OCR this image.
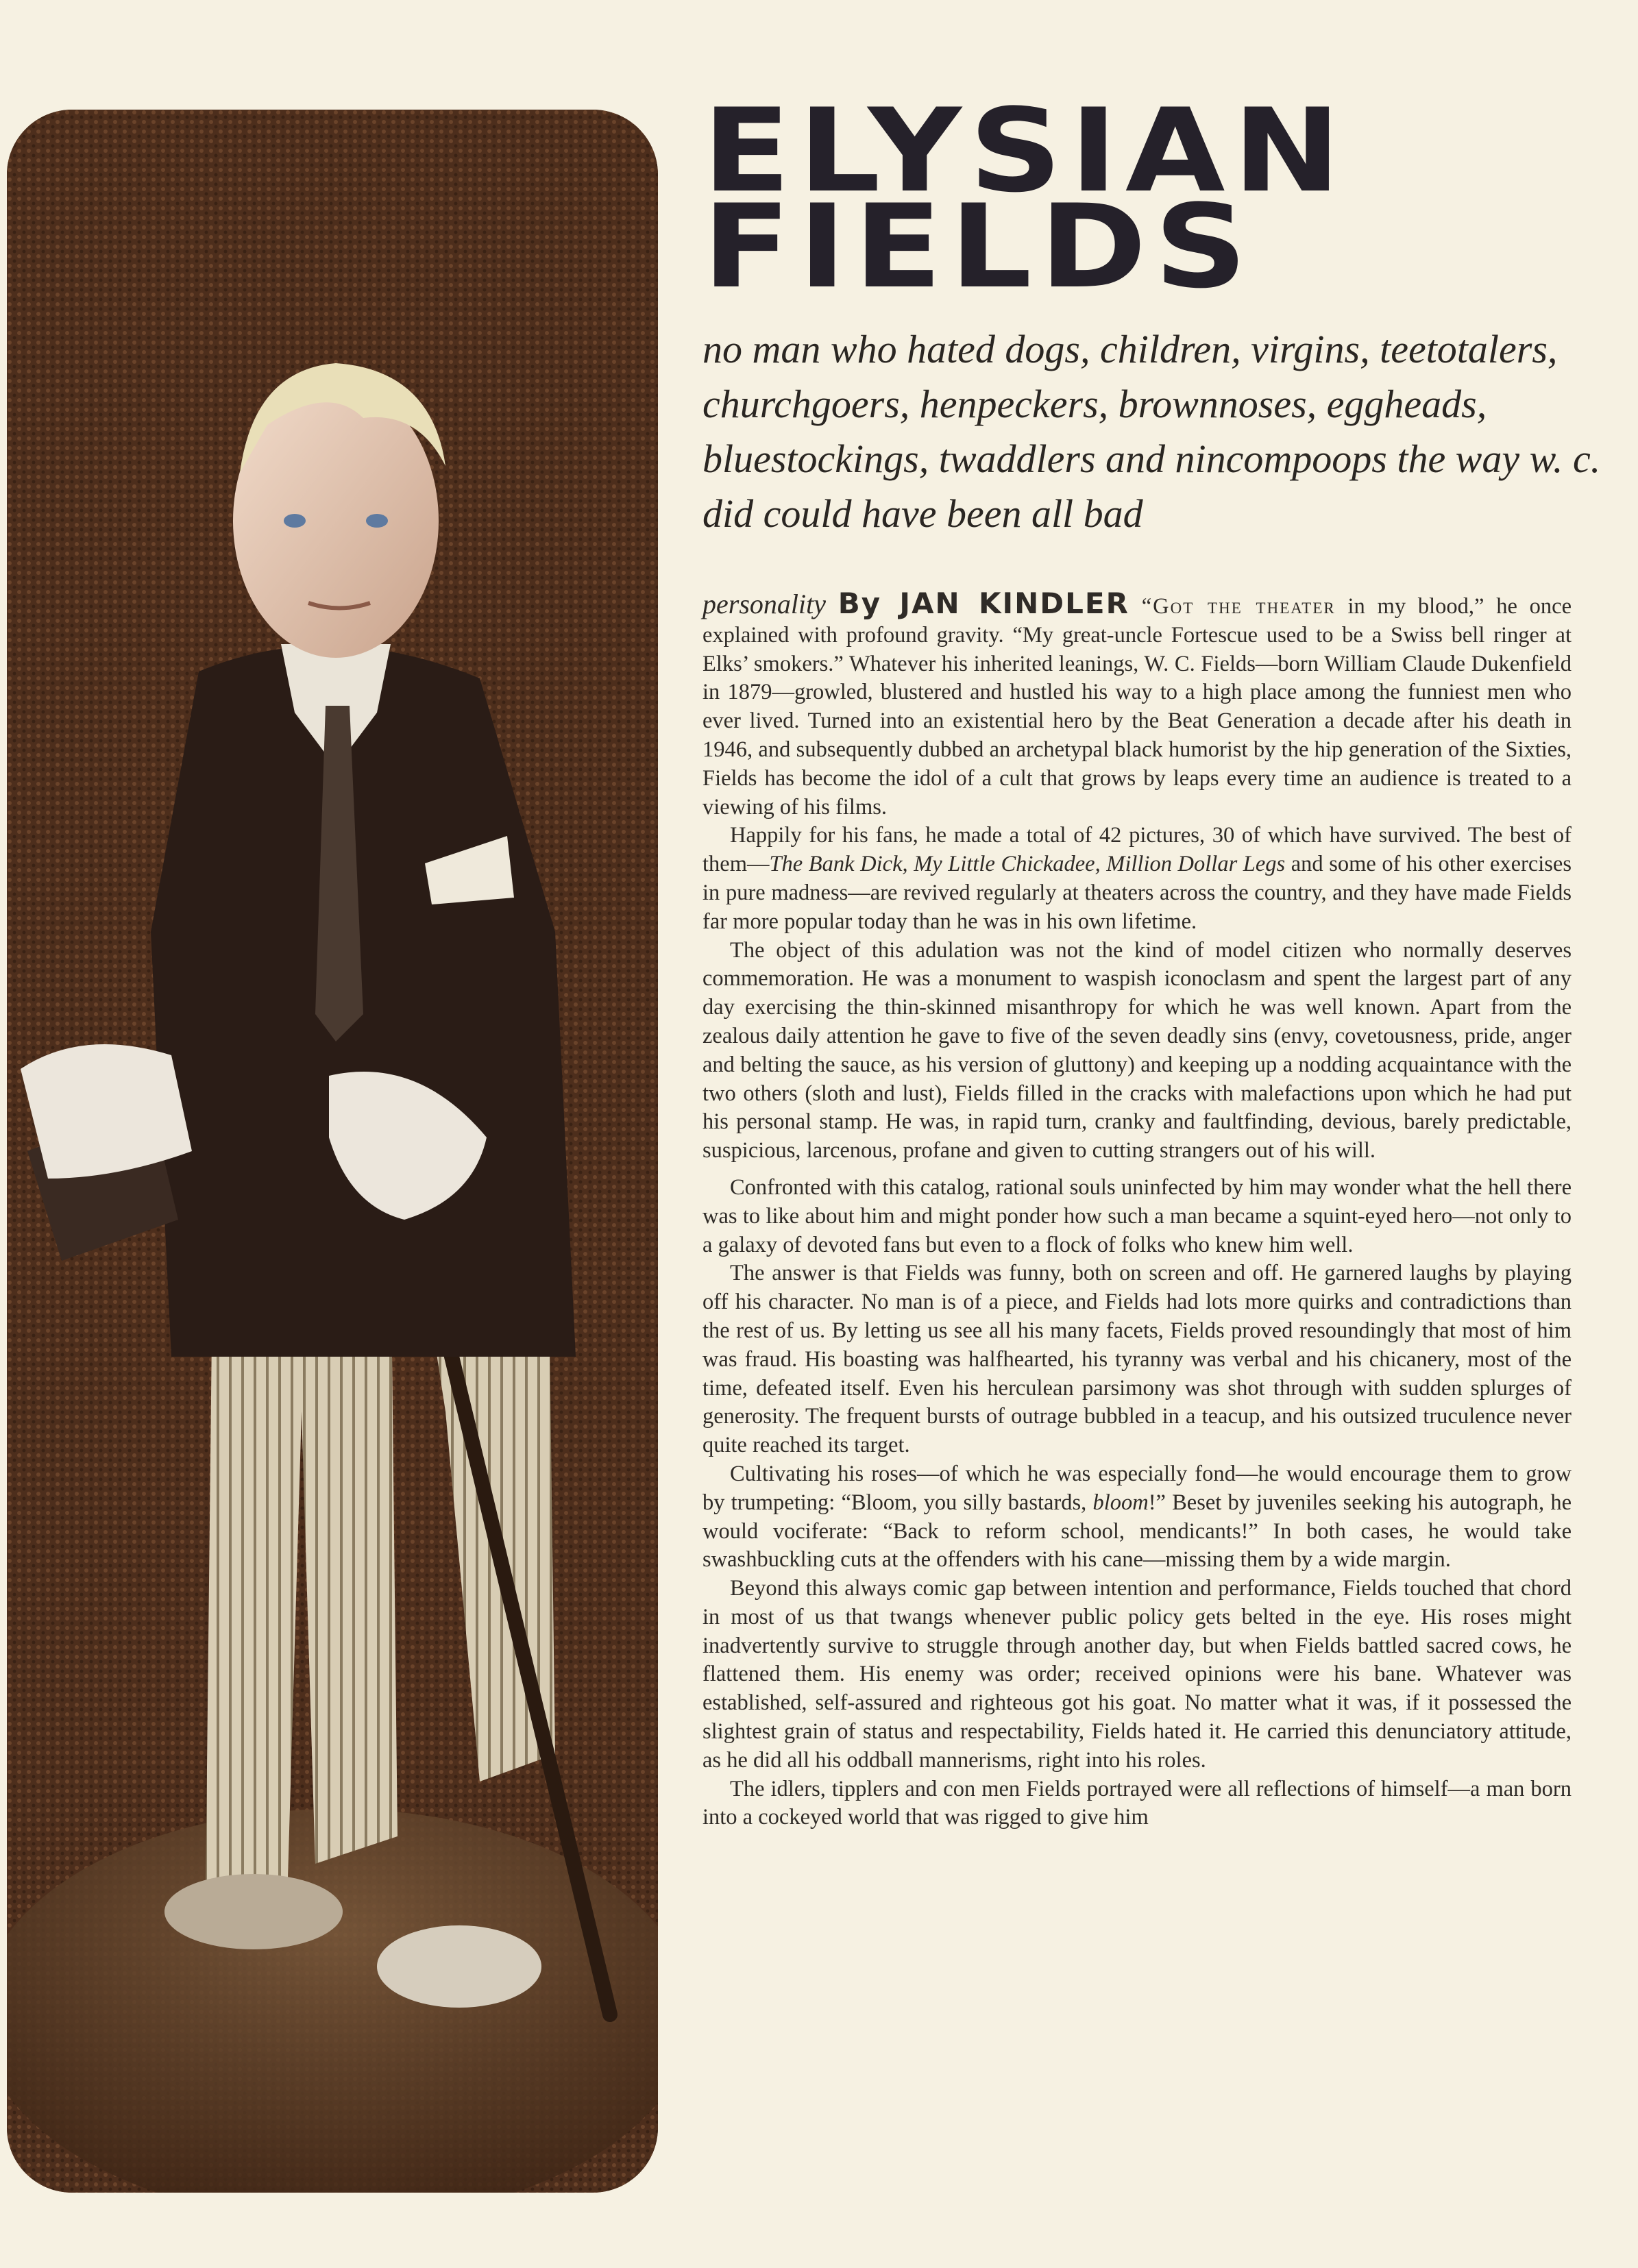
ELYSIAN
FIELDS

no man who hated dogs, children, virgins, teetotalers, churchgoers, henpeckers, brownnoses, eggheads, bluestockings, twaddlers and nincompoops the way w. c. did could have been all bad

personality By JAN KINDLER “Got the theater in my blood,” he once explained with profound gravity. “My great-uncle Fortescue used to be a Swiss bell ringer at Elks’ smokers.” Whatever his inherited leanings, W. C. Fields—born William Claude Dukenfield in 1879—growled, blustered and hustled his way to a high place among the funniest men who ever lived. Turned into an existential hero by the Beat Generation a decade after his death in 1946, and subsequently dubbed an archetypal black humorist by the hip generation of the Sixties, Fields has become the idol of a cult that grows by leaps every time an audience is treated to a viewing of his films.

Happily for his fans, he made a total of 42 pictures, 30 of which have survived. The best of them—The Bank Dick, My Little Chickadee, Million Dollar Legs and some of his other exercises in pure madness—are revived regularly at theaters across the country, and they have made Fields far more popular today than he was in his own lifetime.

The object of this adulation was not the kind of model citizen who normally deserves commemoration. He was a monument to waspish iconoclasm and spent the largest part of any day exercising the thin-skinned misanthropy for which he was well known. Apart from the zealous daily attention he gave to five of the seven deadly sins (envy, covetousness, pride, anger and belting the sauce, as his version of gluttony) and keeping up a nodding acquaintance with the two others (sloth and lust), Fields filled in the cracks with malefactions upon which he had put his personal stamp. He was, in rapid turn, cranky and faultfinding, devious, barely predictable, suspicious, larcenous, profane and given to cutting strangers out of his will.

Confronted with this catalog, rational souls uninfected by him may wonder what the hell there was to like about him and might ponder how such a man became a squint-eyed hero—not only to a galaxy of devoted fans but even to a flock of folks who knew him well.

The answer is that Fields was funny, both on screen and off. He garnered laughs by playing off his character. No man is of a piece, and Fields had lots more quirks and contradictions than the rest of us. By letting us see all his many facets, Fields proved resoundingly that most of him was fraud. His boasting was halfhearted, his tyranny was verbal and his chicanery, most of the time, defeated itself. Even his herculean parsimony was shot through with sudden splurges of generosity. The frequent bursts of outrage bubbled in a teacup, and his outsized truculence never quite reached its target.

Cultivating his roses—of which he was especially fond—he would encourage them to grow by trumpeting: “Bloom, you silly bastards, bloom!” Beset by juveniles seeking his autograph, he would vociferate: “Back to reform school, mendicants!” In both cases, he would take swashbuckling cuts at the offenders with his cane—missing them by a wide margin.

Beyond this always comic gap between intention and performance, Fields touched that chord in most of us that twangs whenever public policy gets belted in the eye. His roses might inadvertently survive to struggle through another day, but when Fields battled sacred cows, he flattened them. His enemy was order; received opinions were his bane. Whatever was established, self-assured and righteous got his goat. No matter what it was, if it possessed the slightest grain of status and respectability, Fields hated it. He carried this denunciatory attitude, as he did all his oddball mannerisms, right into his roles.

The idlers, tipplers and con men Fields portrayed were all reflections of himself—a man born into a cockeyed world that was rigged to give him
